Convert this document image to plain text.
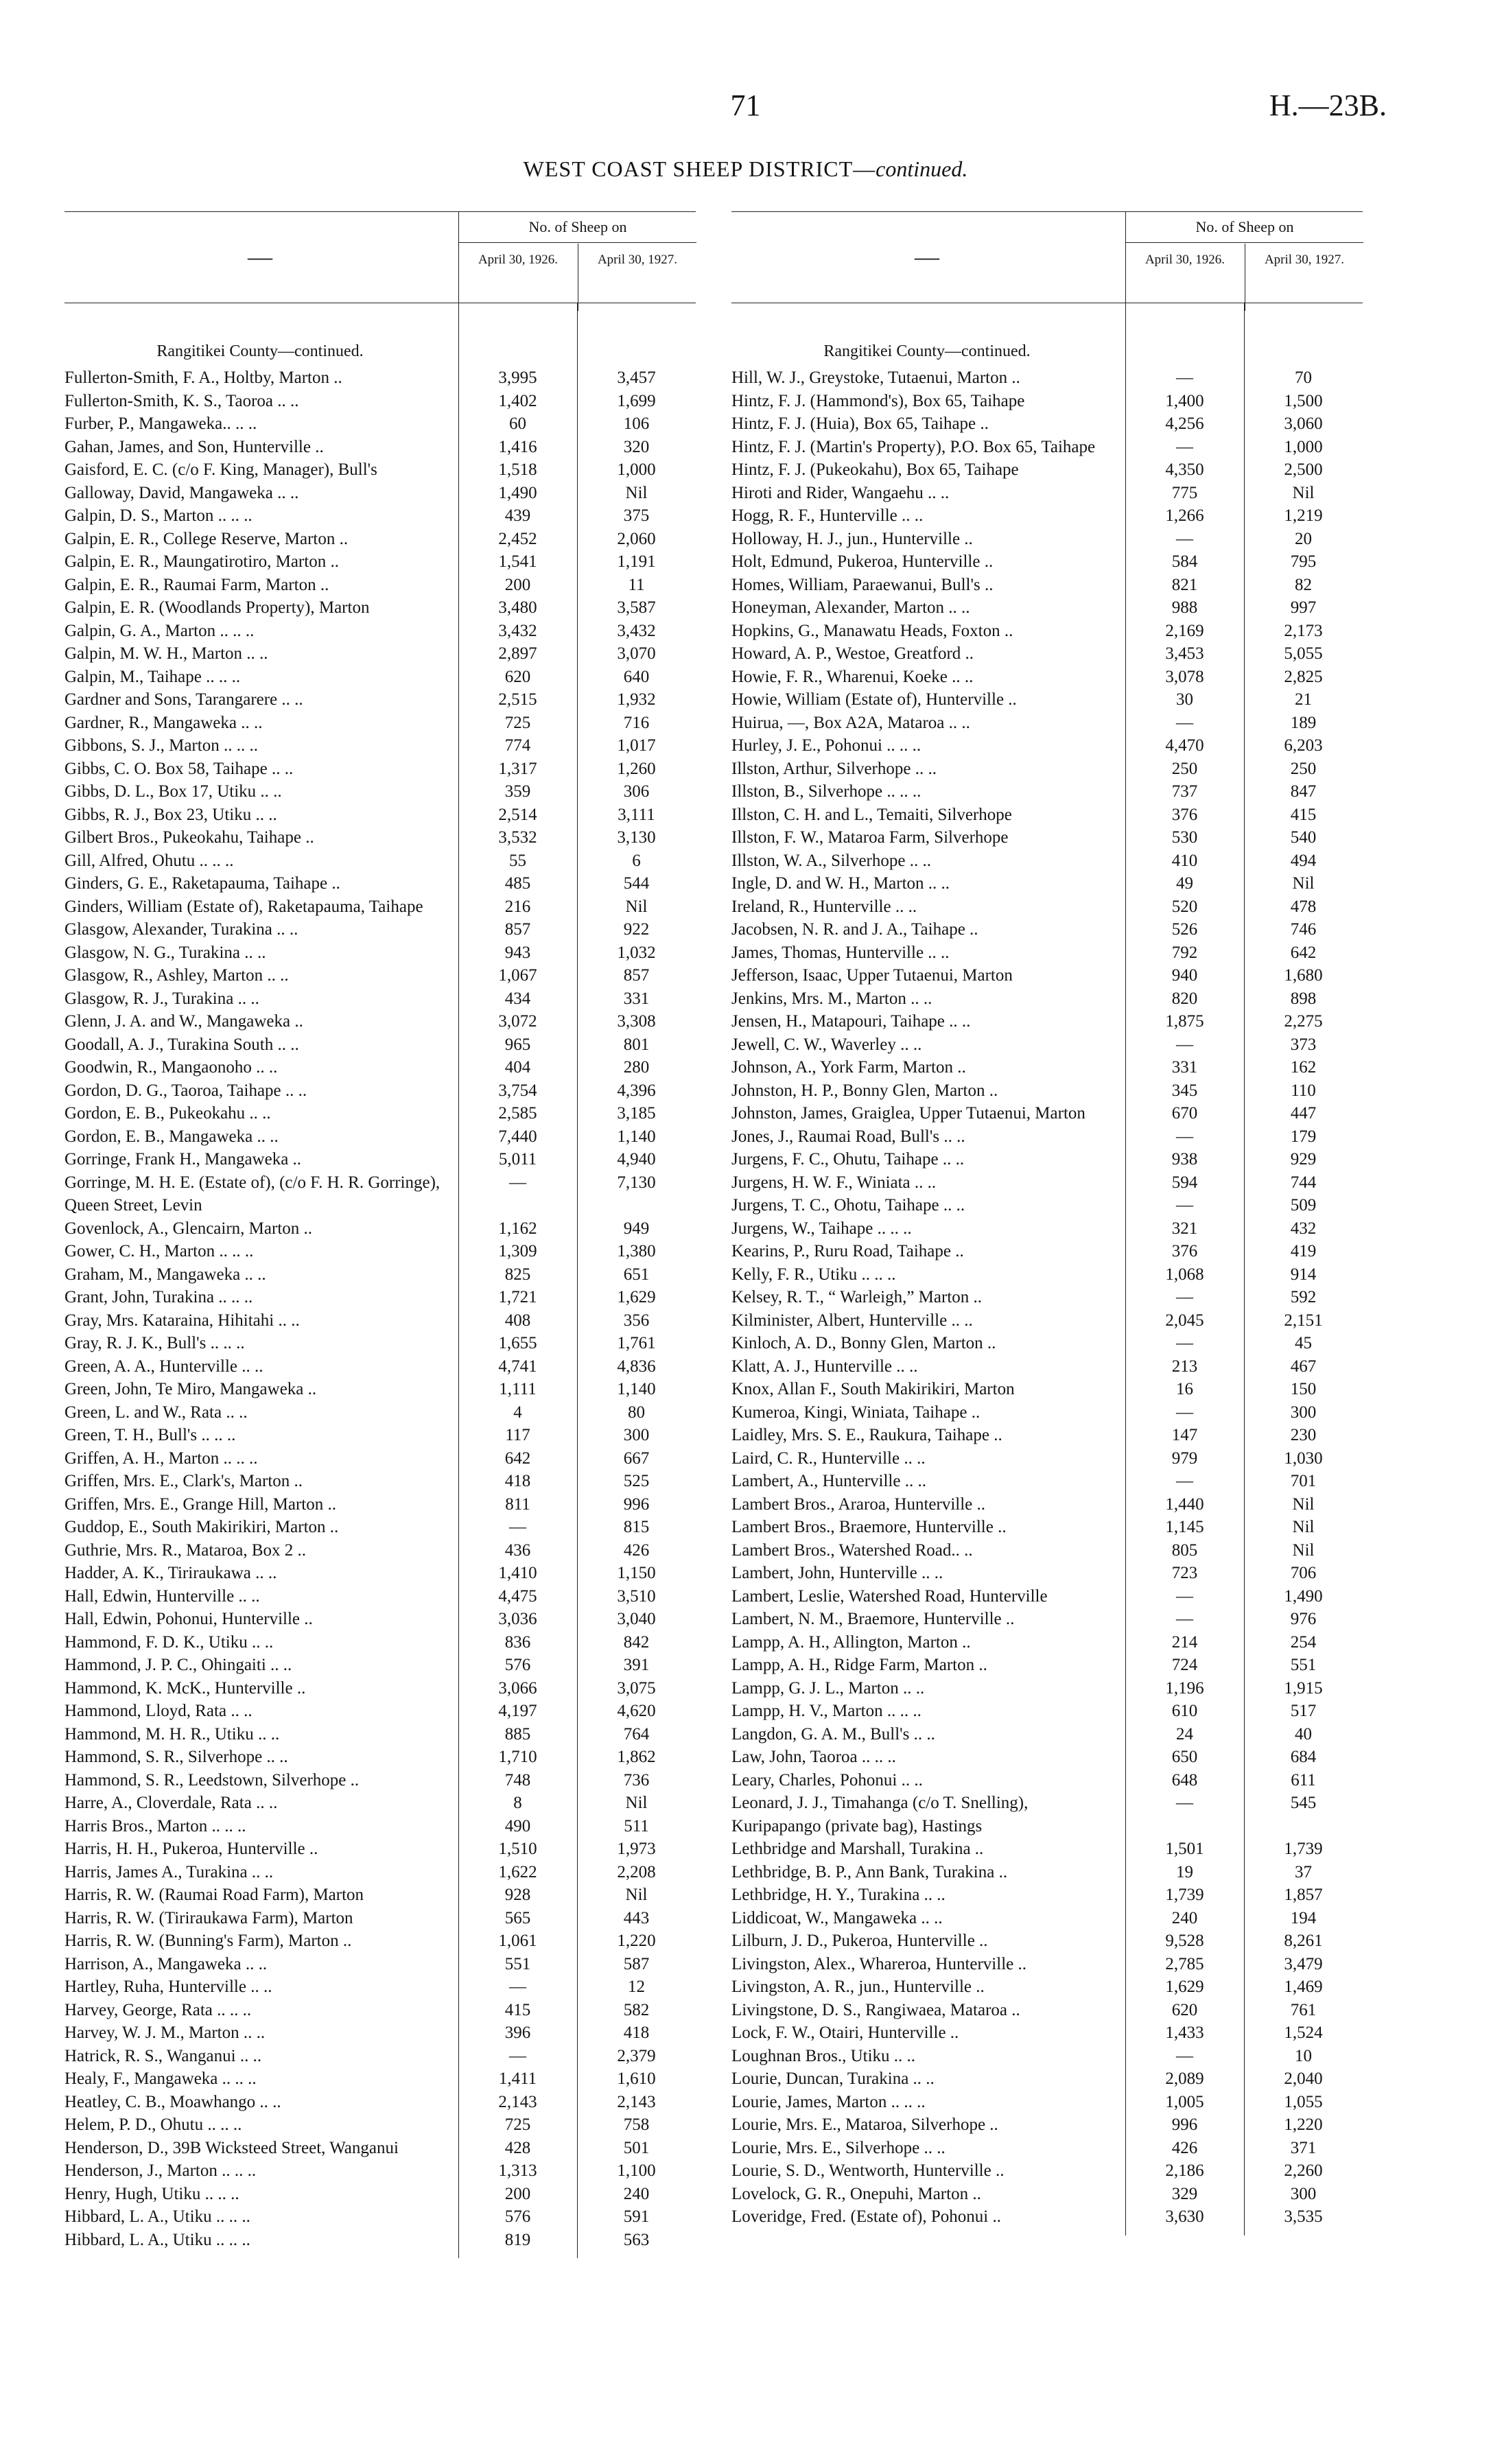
71	H.—23B.
WEST COAST SHEEP DISTRICT—continued.
—
No. of Sheep on
April 30, 1926.	April 30, 1927.
Rangitikei County—continued.
Fullerton-Smith, F. A., Holtby, Marton ..	3,995	3,457
Fullerton-Smith, K. S., Taoroa .. ..	1,402	1,699
Furber, P., Mangaweka.. .. ..	60	106
Gahan, James, and Son, Hunterville ..	1,416	320
Gaisford, E. C. (c/o F. King, Manager), Bull's	1,518	1,000
Galloway, David, Mangaweka .. ..	1,490	Nil
Galpin, D. S., Marton .. .. ..	439	375
Galpin, E. R., College Reserve, Marton ..	2,452	2,060
Galpin, E. R., Maungatirotiro, Marton ..	1,541	1,191
Galpin, E. R., Raumai Farm, Marton ..	200	11
Galpin, E. R. (Woodlands Property), Marton	3,480	3,587
Galpin, G. A., Marton .. .. ..	3,432	3,432
Galpin, M. W. H., Marton .. ..	2,897	3,070
Galpin, M., Taihape .. .. ..	620	640
Gardner and Sons, Tarangarere .. ..	2,515	1,932
Gardner, R., Mangaweka .. ..	725	716
Gibbons, S. J., Marton .. .. ..	774	1,017
Gibbs, C. O. Box 58, Taihape .. ..	1,317	1,260
Gibbs, D. L., Box 17, Utiku .. ..	359	306
Gibbs, R. J., Box 23, Utiku .. ..	2,514	3,111
Gilbert Bros., Pukeokahu, Taihape ..	3,532	3,130
Gill, Alfred, Ohutu .. .. ..	55	6
Ginders, G. E., Raketapauma, Taihape ..	485	544
Ginders, William (Estate of), Raketapauma, Taihape	216	Nil
Glasgow, Alexander, Turakina .. ..	857	922
Glasgow, N. G., Turakina .. ..	943	1,032
Glasgow, R., Ashley, Marton .. ..	1,067	857
Glasgow, R. J., Turakina .. ..	434	331
Glenn, J. A. and W., Mangaweka ..	3,072	3,308
Goodall, A. J., Turakina South .. ..	965	801
Goodwin, R., Mangaonoho .. ..	404	280
Gordon, D. G., Taoroa, Taihape .. ..	3,754	4,396
Gordon, E. B., Pukeokahu .. ..	2,585	3,185
Gordon, E. B., Mangaweka .. ..	7,440	1,140
Gorringe, Frank H., Mangaweka ..	5,011	4,940
Gorringe, M. H. E. (Estate of), (c/o F. H. R. Gorringe), Queen Street, Levin
—	7,130
Govenlock, A., Glencairn, Marton ..	1,162	949
Gower, C. H., Marton .. .. ..	1,309	1,380
Graham, M., Mangaweka .. ..	825	651
Grant, John, Turakina .. .. ..	1,721	1,629
Gray, Mrs. Kataraina, Hihitahi .. ..	408	356
Gray, R. J. K., Bull's .. .. ..	1,655	1,761
Green, A. A., Hunterville .. ..	4,741	4,836
Green, John, Te Miro, Mangaweka ..	1,111	1,140
Green, L. and W., Rata .. ..	4	80
Green, T. H., Bull's .. .. ..	117	300
Griffen, A. H., Marton .. .. ..	642	667
Griffen, Mrs. E., Clark's, Marton ..	418	525
Griffen, Mrs. E., Grange Hill, Marton ..	811	996
Guddop, E., South Makirikiri, Marton ..	—	815
Guthrie, Mrs. R., Mataroa, Box 2 ..	436	426
Hadder, A. K., Tiriraukawa .. ..	1,410	1,150
Hall, Edwin, Hunterville .. ..	4,475	3,510
Hall, Edwin, Pohonui, Hunterville ..	3,036	3,040
Hammond, F. D. K., Utiku .. ..	836	842
Hammond, J. P. C., Ohingaiti .. ..	576	391
Hammond, K. McK., Hunterville ..	3,066	3,075
Hammond, Lloyd, Rata .. ..	4,197	4,620
Hammond, M. H. R., Utiku .. ..	885	764
Hammond, S. R., Silverhope .. ..	1,710	1,862
Hammond, S. R., Leedstown, Silverhope ..	748	736
Harre, A., Cloverdale, Rata .. ..	8	Nil
Harris Bros., Marton .. .. ..	490	511
Harris, H. H., Pukeroa, Hunterville ..	1,510	1,973
Harris, James A., Turakina .. ..	1,622	2,208
Harris, R. W. (Raumai Road Farm), Marton	928	Nil
Harris, R. W. (Tiriraukawa Farm), Marton	565	443
Harris, R. W. (Bunning's Farm), Marton ..	1,061	1,220
Harrison, A., Mangaweka .. ..	551	587
Hartley, Ruha, Hunterville .. ..	—	12
Harvey, George, Rata .. .. ..	415	582
Harvey, W. J. M., Marton .. ..	396	418
Hatrick, R. S., Wanganui .. ..	—	2,379
Healy, F., Mangaweka .. .. ..	1,411	1,610
Heatley, C. B., Moawhango .. ..	2,143	2,143
Helem, P. D., Ohutu .. .. ..	725	758
Henderson, D., 39B Wicksteed Street, Wanganui	428	501
Henderson, J., Marton .. .. ..	1,313	1,100
Henry, Hugh, Utiku .. .. ..	200	240
Hibbard, L. A., Utiku .. .. ..	576	591
Hibbard, L. A., Utiku .. .. ..	819	563
—
No. of Sheep on
April 30, 1926.	April 30, 1927.
Rangitikei County—continued.
Hill, W. J., Greystoke, Tutaenui, Marton ..	—	70
Hintz, F. J. (Hammond's), Box 65, Taihape	1,400	1,500
Hintz, F. J. (Huia), Box 65, Taihape ..	4,256	3,060
Hintz, F. J. (Martin's Property), P.O. Box 65, Taihape	—	1,000
Hintz, F. J. (Pukeokahu), Box 65, Taihape	4,350	2,500
Hiroti and Rider, Wangaehu .. ..	775	Nil
Hogg, R. F., Hunterville .. ..	1,266	1,219
Holloway, H. J., jun., Hunterville ..	—	20
Holt, Edmund, Pukeroa, Hunterville ..	584	795
Homes, William, Paraewanui, Bull's ..	821	82
Honeyman, Alexander, Marton .. ..	988	997
Hopkins, G., Manawatu Heads, Foxton ..	2,169	2,173
Howard, A. P., Westoe, Greatford ..	3,453	5,055
Howie, F. R., Wharenui, Koeke .. ..	3,078	2,825
Howie, William (Estate of), Hunterville ..	30	21
Huirua, —, Box A2A, Mataroa .. ..	—	189
Hurley, J. E., Pohonui .. .. ..	4,470	6,203
Illston, Arthur, Silverhope .. ..	250	250
Illston, B., Silverhope .. .. ..	737	847
Illston, C. H. and L., Temaiti, Silverhope	376	415
Illston, F. W., Mataroa Farm, Silverhope	530	540
Illston, W. A., Silverhope .. ..	410	494
Ingle, D. and W. H., Marton .. ..	49	Nil
Ireland, R., Hunterville .. ..	520	478
Jacobsen, N. R. and J. A., Taihape ..	526	746
James, Thomas, Hunterville .. ..	792	642
Jefferson, Isaac, Upper Tutaenui, Marton	940	1,680
Jenkins, Mrs. M., Marton .. ..	820	898
Jensen, H., Matapouri, Taihape .. ..	1,875	2,275
Jewell, C. W., Waverley .. ..	—	373
Johnson, A., York Farm, Marton ..	331	162
Johnston, H. P., Bonny Glen, Marton ..	345	110
Johnston, James, Graiglea, Upper Tutaenui, Marton	670	447
Jones, J., Raumai Road, Bull's .. ..	—	179
Jurgens, F. C., Ohutu, Taihape .. ..	938	929
Jurgens, H. W. F., Winiata .. ..	594	744
Jurgens, T. C., Ohotu, Taihape .. ..	—	509
Jurgens, W., Taihape .. .. ..	321	432
Kearins, P., Ruru Road, Taihape ..	376	419
Kelly, F. R., Utiku .. .. ..	1,068	914
Kelsey, R. T., “ Warleigh,” Marton ..	—	592
Kilminister, Albert, Hunterville .. ..	2,045	2,151
Kinloch, A. D., Bonny Glen, Marton ..	—	45
Klatt, A. J., Hunterville .. ..	213	467
Knox, Allan F., South Makirikiri, Marton	16	150
Kumeroa, Kingi, Winiata, Taihape ..	—	300
Laidley, Mrs. S. E., Raukura, Taihape ..	147	230
Laird, C. R., Hunterville .. ..	979	1,030
Lambert, A., Hunterville .. ..	—	701
Lambert Bros., Araroa, Hunterville ..	1,440	Nil
Lambert Bros., Braemore, Hunterville ..	1,145	Nil
Lambert Bros., Watershed Road.. ..	805	Nil
Lambert, John, Hunterville .. ..	723	706
Lambert, Leslie, Watershed Road, Hunterville	—	1,490
Lambert, N. M., Braemore, Hunterville ..	—	976
Lampp, A. H., Allington, Marton ..	214	254
Lampp, A. H., Ridge Farm, Marton ..	724	551
Lampp, G. J. L., Marton .. ..	1,196	1,915
Lampp, H. V., Marton .. .. ..	610	517
Langdon, G. A. M., Bull's .. ..	24	40
Law, John, Taoroa .. .. ..	650	684
Leary, Charles, Pohonui .. ..	648	611
Leonard, J. J., Timahanga (c/o T. Snelling), Kuripapango (private bag), Hastings
—	545
Lethbridge and Marshall, Turakina ..	1,501	1,739
Lethbridge, B. P., Ann Bank, Turakina ..	19	37
Lethbridge, H. Y., Turakina .. ..	1,739	1,857
Liddicoat, W., Mangaweka .. ..	240	194
Lilburn, J. D., Pukeroa, Hunterville ..	9,528	8,261
Livingston, Alex., Whareroa, Hunterville ..	2,785	3,479
Livingston, A. R., jun., Hunterville ..	1,629	1,469
Livingstone, D. S., Rangiwaea, Mataroa ..	620	761
Lock, F. W., Otairi, Hunterville ..	1,433	1,524
Loughnan Bros., Utiku .. ..	—	10
Lourie, Duncan, Turakina .. ..	2,089	2,040
Lourie, James, Marton .. .. ..	1,005	1,055
Lourie, Mrs. E., Mataroa, Silverhope ..	996	1,220
Lourie, Mrs. E., Silverhope .. ..	426	371
Lourie, S. D., Wentworth, Hunterville ..	2,186	2,260
Lovelock, G. R., Onepuhi, Marton ..	329	300
Loveridge, Fred. (Estate of), Pohonui ..	3,630	3,535
